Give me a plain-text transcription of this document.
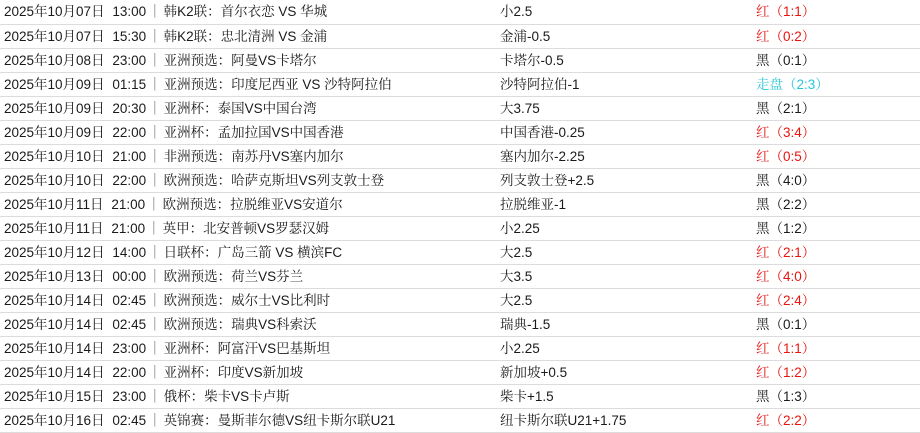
2025年10月07日 13:00 ｜ 韩K2联：首尔衣恋 VS 华城	小2.5	红（1:1）
2025年10月07日 15:30 ｜ 韩K2联：忠北清洲 VS 金浦	金浦-0.5	红（0:2）
2025年10月08日 23:00 ｜ 亚洲预选：阿曼VS卡塔尔	卡塔尔-0.5	黑（0:1）
2025年10月09日 01:15 ｜ 亚洲预选：印度尼西亚 VS 沙特阿拉伯	沙特阿拉伯-1	走盘（2:3）
2025年10月09日 20:30 ｜ 亚洲杯：泰国VS中国台湾	大3.75	黑（2:1）
2025年10月09日 22:00 ｜ 亚洲杯：孟加拉国VS中国香港	中国香港-0.25	红（3:4）
2025年10月10日 21:00 ｜ 非洲预选：南苏丹VS塞内加尔	塞内加尔-2.25	红（0:5）
2025年10月10日 22:00 ｜ 欧洲预选：哈萨克斯坦VS列支敦士登	列支敦士登+2.5	黑（4:0）
2025年10月11日 21:00 ｜ 欧洲预选：拉脱维亚VS安道尔	拉脱维亚-1	黑（2:2）
2025年10月11日 21:00 ｜ 英甲：北安普顿VS罗瑟汉姆	小2.25	黑（1:2）
2025年10月12日 14:00 ｜ 日联杯：广岛三箭 VS 横滨FC	大2.5	红（2:1）
2025年10月13日 00:00 ｜ 欧洲预选：荷兰VS芬兰	大3.5	红（4:0）
2025年10月14日 02:45 ｜ 欧洲预选：威尔士VS比利时	大2.5	红（2:4）
2025年10月14日 02:45 ｜ 欧洲预选：瑞典VS科索沃	瑞典-1.5	黑（0:1）
2025年10月14日 23:00 ｜ 亚洲杯：阿富汗VS巴基斯坦	小2.25	红（1:1）
2025年10月14日 22:00 ｜ 亚洲杯：印度VS新加坡	新加坡+0.5	红（1:2）
2025年10月15日 23:00 ｜ 俄杯：柴卡VS卡卢斯	柴卡+1.5	黑（1:3）
2025年10月16日 02:45 ｜ 英锦赛：曼斯菲尔德VS纽卡斯尔联U21	纽卡斯尔联U21+1.75	红（2:2）
